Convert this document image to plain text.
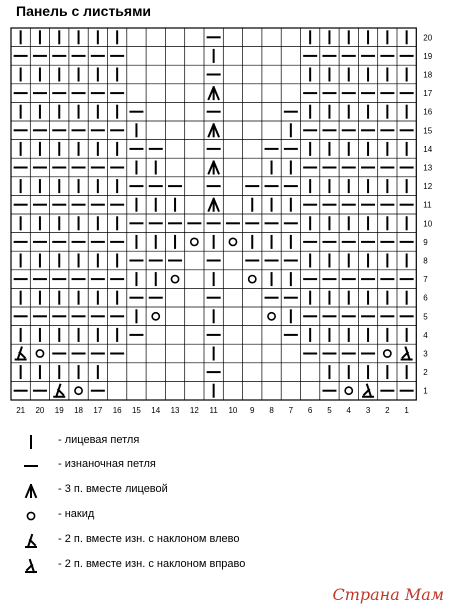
Панель с листьями
20
19
18
17
16
15
14
13
12
11
10
9
8
7
6
5
4
3
2
1
21 20 19 18 17 16 15 14 13 12 11 10 9 8 7 6 5 4 3 2 1
- лицевая петля
- изнаночная петля
- 3 п. вместе лицевой
- накид
- 2 п. вместе изн. с наклоном влево
- 2 п. вместе изн. с наклоном вправо
Страна Мам
